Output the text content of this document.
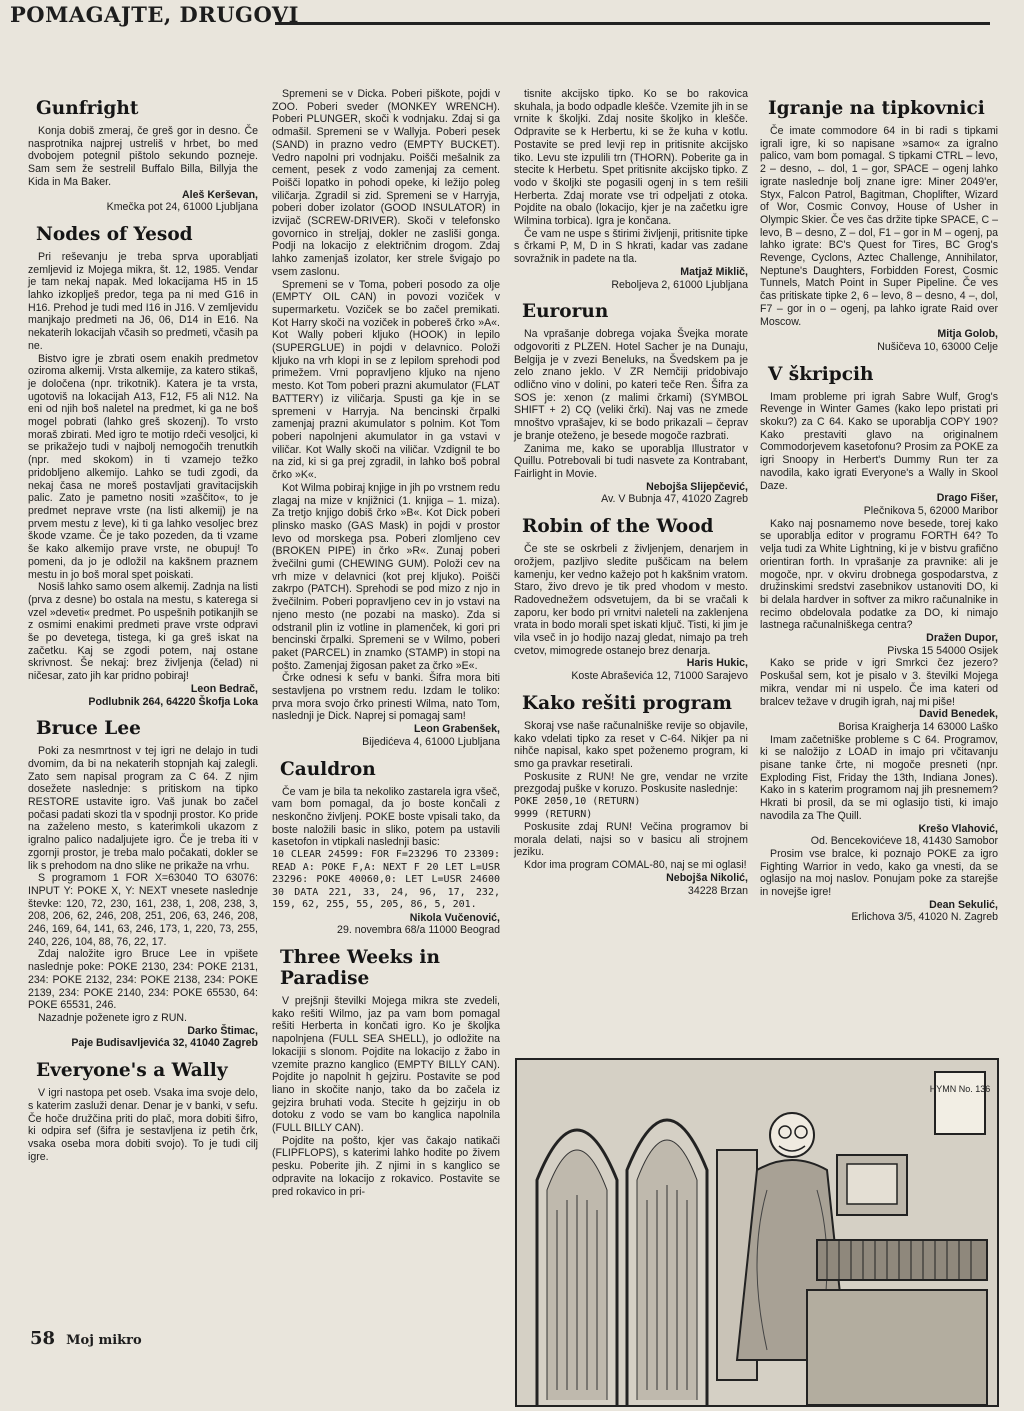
POMAGAJTE, DRUGOVI
Gunfright

Konja dobiš zmeraj, če greš gor in desno. Če nasprotnika najprej ustreliš v hrbet, bo med dvobojem potegnil pištolo sekundo pozneje. Sam sem že sestrelil Buffalo Billa, Billyja the Kida in Ma Baker.

Aleš Kerševan,

Kmečka pot 24, 61000 Ljubljana

Nodes of Yesod

Pri reševanju je treba sprva uporabljati zemljevid iz Mojega mikra, št. 12, 1985. Vendar je tam nekaj napak. Med lokacijama H5 in 15 lahko izkoplješ predor, tega pa ni med G16 in H16. Prehod je tudi med I16 in J16. V zemljevidu manjkajo predmeti na J6, 06, D14 in E16. Na nekaterih lokacijah včasih so predmeti, včasih pa ne.

Bistvo igre je zbrati osem enakih predmetov oziroma alkemij. Vrsta alkemije, za katero stikaš, je določena (npr. trikotnik). Katera je ta vrsta, ugotoviš na lokacijah A13, F12, F5 ali N12. Na eni od njih boš naletel na predmet, ki ga ne boš mogel pobrati (lahko greš skozenj). To vrsto moraš zbirati. Med igro te motijo rdeči vesoljci, ki se prikažejo tudi v najbolj nemogočih trenutkih (npr. med skokom) in ti vzamejo težko pridobljeno alkemijo. Lahko se tudi zgodi, da nekaj časa ne moreš postavljati gravitacijskih palic. Zato je pametno nositi »zaščito«, to je predmet neprave vrste (na listi alkemij) je na prvem mestu z leve), ki ti ga lahko vesoljec brez škode vzame. Če je tako pozeden, da ti vzame še kako alkemijo prave vrste, ne obupuj! To pomeni, da jo je odložil na kakšnem praznem mestu in jo boš moral spet poiskati.

Nosiš lahko samo osem alkemij. Zadnja na listi (prva z desne) bo ostala na mestu, s katerega si vzel »deveti« predmet. Po uspešnih potikanjih se z osmimi enakimi predmeti prave vrste odpravi še po devetega, tistega, ki ga greš iskat na začetku. Kaj se zgodi potem, naj ostane skrivnost. Še nekaj: brez življenja (čelad) ni ničesar, zato jih kar pridno pobiraj!

Leon Bedrač,

Podlubnik 264, 64220 Škofja Loka

Bruce Lee

Poki za nesmrtnost v tej igri ne delajo in tudi dvomim, da bi na nekaterih stopnjah kaj zalegli. Zato sem napisal program za C 64. Z njim dosežete naslednje: s pritiskom na tipko RESTORE ustavite igro. Vaš junak bo začel počasi padati skozi tla v spodnji prostor. Ko pride na zaželeno mesto, s katerimkoli ukazom z igralno palico nadaljujete igro. Če je treba iti v zgornji prostor, je treba malo počakati, dokler se lik s prehodom na dno slike ne prikaže na vrhu.

S programom 1 FOR X=63040 TO 63076: INPUT Y: POKE X, Y: NEXT vnesete naslednje števke: 120, 72, 230, 161, 238, 1, 208, 238, 3, 208, 206, 62, 246, 208, 251, 206, 63, 246, 208, 246, 169, 64, 141, 63, 246, 173, 1, 220, 73, 255, 240, 226, 104, 88, 76, 22, 17.

Zdaj naložite igro Bruce Lee in vpišete naslednje poke: POKE 2130, 234: POKE 2131, 234: POKE 2132, 234: POKE 2138, 234: POKE 2139, 234: POKE 2140, 234: POKE 65530, 64: POKE 65531, 246.

Nazadnje poženete igro z RUN.

Darko Štimac,

Paje Budisavljevića 32, 41040 Zagreb

Everyone's a Wally

V igri nastopa pet oseb. Vsaka ima svoje delo, s katerim zasluži denar. Denar je v banki, v sefu. Če hoče družčina priti do plač, mora dobiti šifro, ki odpira sef (šifra je sestavljena iz petih črk, vsaka oseba mora dobiti svojo). To je tudi cilj igre.

Spremeni se v Dicka. Poberi piškote, pojdi v ZOO. Poberi sveder (MONKEY WRENCH). Poberi PLUNGER, skoči k vodnjaku. Zdaj si ga odmašil. Spremeni se v Wallyja. Poberi pesek (SAND) in prazno vedro (EMPTY BUCKET). Vedro napolni pri vodnjaku. Poišči mešalnik za cement, pesek z vodo zamenjaj za cement. Poišči lopatko in pohodi opeke, ki ležijo poleg viličarja. Zgradil si zid. Spremeni se v Harryja, poberi dober izolator (GOOD INSULATOR) in izvijač (SCREW-DRIVER). Skoči v telefonsko govornico in streljaj, dokler ne zasliši gonga. Podji na lokacijo z električnim drogom. Zdaj lahko zamenjaš izolator, ker strele švigajo po vsem zaslonu.

Spremeni se v Toma, poberi posodo za olje (EMPTY OIL CAN) in povozi voziček v supermarketu. Voziček se bo začel premikati. Kot Harry skoči na voziček in pobereš črko »A«. Kot Wally poberi kljuko (HOOK) in lepilo (SUPERGLUE) in pojdi v delavnico. Položi kljuko na vrh klopi in se z lepilom sprehodi pod primežem. Vrni popravljeno kljuko na njeno mesto. Kot Tom poberi prazni akumulator (FLAT BATTERY) iz viličarja. Spusti ga kje in se spremeni v Harryja. Na bencinski črpalki zamenjaj prazni akumulator s polnim. Kot Tom poberi napolnjeni akumulator in ga vstavi v viličar. Kot Wally skoči na viličar. Vzdignil te bo na zid, ki si ga prej zgradil, in lahko boš pobral črko »K«.

Kot Wilma pobiraj knjige in jih po vrstnem redu zlagaj na mize v knjižnici (1. knjiga – 1. miza). Za tretjo knjigo dobiš črko »B«. Kot Dick poberi plinsko masko (GAS Mask) in pojdi v prostor levo od morskega psa. Poberi zlomljeno cev (BROKEN PIPE) in črko »R«. Zunaj poberi žvečilni gumi (CHEWING GUM). Položi cev na vrh mize v delavnici (kot prej kljuko). Poišči zakrpo (PATCH). Sprehodi se pod mizo z njo in žvečilnim. Poberi popravljeno cev in jo vstavi na njeno mesto (ne pozabi na masko). Zda si odstranil plin iz votline in plamenček, ki gori pri bencinski črpalki. Spremeni se v Wilmo, poberi paket (PARCEL) in znamko (STAMP) in stopi na pošto. Zamenjaj žigosan paket za črko »E«.

Črke odnesi k sefu v banki. Šifra mora biti sestavljena po vrstnem redu. Izdam le toliko: prva mora svojo črko prinesti Wilma, nato Tom, naslednji je Dick. Naprej si pomagaj sam!

Leon Grabenšek,

Bijedićeva 4, 61000 Ljubljana

Cauldron

Če vam je bila ta nekoliko zastarela igra všeč, vam bom pomagal, da jo boste končali z neskončno življenj. POKE boste vpisali tako, da boste naložili basic in sliko, potem pa ustavili kasetofon in vtipkali naslednji basic:

10 CLEAR 24599: FOR F=23296 TO 23309: READ A: POKE F,A: NEXT F 20 LET L=USR 23296: POKE 40060,0: LET L=USR 24600 30 DATA 221, 33, 24, 96, 17, 232, 159, 62, 255, 55, 205, 86, 5, 201.

Nikola Vučenović,

29. novembra 68/a 11000 Beograd

Three Weeks in Paradise

V prejšnji številki Mojega mikra ste zvedeli, kako rešiti Wilmo, jaz pa vam bom pomagal rešiti Herberta in končati igro. Ko je školjka napolnjena (FULL SEA SHELL), jo odložite na lokacijii s slonom. Pojdite na lokacijo z žabo in vzemite prazno kanglico (EMPTY BILLY CAN). Pojdite jo napolnit h gejziru. Postavite se pod liano in skočite nanjo, tako da bo začela iz gejzira bruhati voda. Stecite h gejzirju in ob dotoku z vodo se vam bo kanglica napolnila (FULL BILLY CAN).

Pojdite na pošto, kjer vas čakajo natikači (FLIPFLOPS), s katerimi lahko hodite po živem pesku. Poberite jih. Z njimi in s kanglico se odpravite na lokacijo z rokavico. Postavite se pred rokavico in pri-

tisnite akcijsko tipko. Ko se bo rakovica skuhala, ja bodo odpadle klešče. Vzemite jih in se vrnite k školjki. Zdaj nosite školjko in klešče. Odpravite se k Herbertu, ki se že kuha v kotlu. Postavite se pred levji rep in pritisnite akcijsko tiko. Levu ste izpulili trn (THORN). Poberite ga in stecite k Herbetu. Spet pritisnite akcijsko tipko. Z vodo v školjki ste pogasili ogenj in s tem rešili Herberta. Zdaj morate vse tri odpeljati z otoka. Pojdite na obalo (lokacijo, kjer je na začetku igre Wilmina torbica). Igra je končana.

Če vam ne uspe s štirimi življenji, pritisnite tipke s črkami P, M, D in S hkrati, kadar vas zadane sovražnik in padete na tla.

Matjaž Miklič,

Reboljeva 2, 61000 Ljubljana

Eurorun

Na vprašanje dobrega vojaka Švejka morate odgovoriti z PLZEN. Hotel Sacher je na Dunaju, Belgija je v zvezi Beneluks, na Švedskem pa je zelo znano jeklo. V ZR Nemčiji pridobivajo odlično vino v dolini, po kateri teče Ren. Šifra za SOS je: xenon (z malimi črkami) (SYMBOL SHIFT + 2) CQ (veliki črki). Naj vas ne zmede mnoštvo vprašajev, ki se bodo prikazali – čeprav je branje oteženo, je besede mogoče razbrati.

Zanima me, kako se uporablja Illustrator v Quillu. Potrebovali bi tudi nasvete za Kontrabant, Fairlight in Movie.

Nebojša Slijepčević,

Av. V Bubnja 47, 41020 Zagreb

Robin of the Wood

Če ste se oskrbeli z življenjem, denarjem in orožjem, pazljivo sledite puščicam na belem kamenju, ker vedno kažejo pot h kakšnim vratom. Staro, živo drevo je tik pred vhodom v mesto. Radovednežem odsvetujem, da bi se vračali k zaporu, ker bodo pri vrnitvi naleteli na zaklenjena vrata in bodo morali spet iskati ključ. Tisti, ki jim je vila vseč in jo hodijo nazaj gledat, nimajo pa treh cvetov, mimogrede ostanejo brez denarja.

Haris Hukic,

Koste Abraševića 12, 71000 Sarajevo

Kako rešiti program

Skoraj vse naše računalniške revije so objavile, kako vdelati tipko za reset v C-64. Nikjer pa ni nihče napisal, kako spet poženemo program, ki smo ga pravkar resetirali.

Poskusite z RUN! Ne gre, vendar ne vrzite prezgodaj puške v koruzo. Poskusite naslednje:

POKE 2050,10 (RETURN)
9999 (RETURN)

Poskusite zdaj RUN! Večina programov bi morala delati, najsi so v basicu ali strojnem jeziku.

Kdor ima program COMAL-80, naj se mi oglasi!

Nebojša Nikolić,

34228 Brzan

Igranje na tipkovnici

Če imate commodore 64 in bi radi s tipkami igrali igre, ki so napisane »samo« za igralno palico, vam bom pomagal. S tipkami CTRL – levo, 2 – desno, ← dol, 1 – gor, SPACE – ogenj lahko igrate naslednje bolj znane igre: Miner 2049'er, Styx, Falcon Patrol, Bagitman, Choplifter, Wizard of Wor, Cosmic Convoy, House of Usher in Olympic Skier. Če ves čas držite tipke SPACE, C – levo, B – desno, Z – dol, F1 – gor in M – ogenj, pa lahko igrate: BC's Quest for Tires, BC Grog's Revenge, Cyclons, Aztec Challenge, Annihilator, Neptune's Daughters, Forbidden Forest, Cosmic Tunnels, Match Point in Super Pipeline. Če ves čas pritiskate tipke 2, 6 – levo, 8 – desno, 4 –, dol, F7 – gor in o – ogenj, pa lahko igrate Raid over Moscow.

Mitja Golob,

Nušičeva 10, 63000 Celje

V škripcih

Imam probleme pri igrah Sabre Wulf, Grog's Revenge in Winter Games (kako lepo pristati pri skoku?) za C 64. Kako se uporablja COPY 190? Kako prestaviti glavo na originalnem Commodorjevem kasetofonu? Prosim za POKE za igri Snoopy in Herbert's Dummy Run ter za navodila, kako igrati Everyone's a Wally in Skool Daze.

Drago Fišer,

Plečnikova 5, 62000 Maribor

Kako naj posnamemo nove besede, torej kako se uporablja editor v programu FORTH 64? To velja tudi za White Lightning, ki je v bistvu grafično orientiran forth. In vprašanje za pravnike: ali je mogoče, npr. v okviru drobnega gospodarstva, z družinskimi sredstvi zasebnikov ustanoviti DO, ki bi delala hardver in softver za mikro računalnike in recimo obdelovala podatke za DO, ki nimajo lastnega računalniškega centra?

Dražen Dupor,

Pivska 15 54000 Osijek

Kako se pride v igri Smrkci čez jezero? Poskušal sem, kot je pisalo v 3. številki Mojega mikra, vendar mi ni uspelo. Če ima kateri od bralcev težave v drugih igrah, naj mi piše!

David Benedek,

Borisa Kraigherja 14 63000 Laško

Imam začetniške probleme s C 64. Programov, ki se naložijo z LOAD in imajo pri včitavanju pisane tanke črte, ni mogoče presneti (npr. Exploding Fist, Friday the 13th, Indiana Jones). Kako in s katerim programom naj jih presnemem? Hkrati bi prosil, da se mi oglasijo tisti, ki imajo navodila za The Quill.

Krešo Vlahović,

Od. Bencekovićeve 18, 41430 Samobor

Prosim vse bralce, ki poznajo POKE za igro Fighting Warrior in vedo, kako ga vnesti, da se oglasijo na moj naslov. Ponujam poke za starejše in novejše igre!

Dean Sekulić,

Erlichova 3/5, 41020 N. Zagreb

HYMN No. 136
58 Moj mikro
